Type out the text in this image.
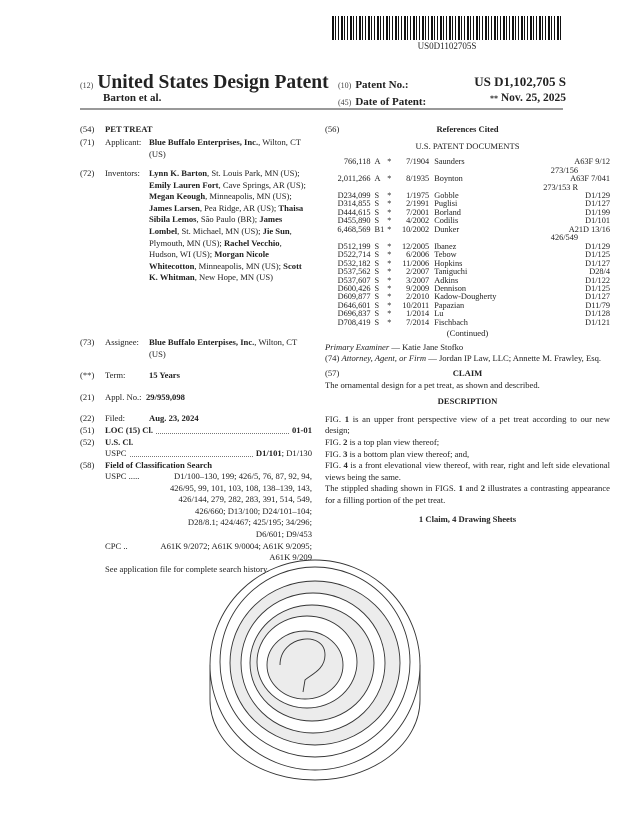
US0D1102705S
(12) United States Design Patent
Barton et al.
(10) Patent No.:	US D1,102,705 S
(45) Date of Patent:	** Nov. 25, 2025
(54)	PET TREAT
(71)	Applicant: Blue Buffalo Enterprises, Inc., Wilton, CT (US)
(72)	Inventors: Lynn K. Barton, St. Louis Park, MN (US); Emily Lauren Fort, Cave Springs, AR (US); Megan Keough, Minneapolis, MN (US); James Larsen, Pea Ridge, AR (US); Thaisa Sibila Lemos, São Paulo (BR); James Lombel, St. Michael, MN (US); Jie Sun, Plymouth, MN (US); Rachel Vecchio, Hudson, WI (US); Morgan Nicole Whitecotton, Minneapolis, MN (US); Scott K. Whitman, New Hope, MN (US)
(73)	Assignee: Blue Buffalo Enterpises, Inc., Wilton, CT (US)
(**)	Term:	15 Years
(21)	Appl. No.: 29/959,098
(22)	Filed:	Aug. 23, 2024
(51)	LOC (15) Cl.	01-01
(52)	U.S. Cl.
USPC	D1/101 ; D1/130
(58)	Field of Classification Search
USPC .....	D1/100–130, 199; 426/5, 76, 87, 92, 94,
426/95, 99, 101, 103, 108, 138–139, 143,
426/144, 279, 282, 283, 391, 514, 549,
426/660; D13/100; D24/101–104;
D28/8.1; 424/467; 425/195; 34/296;
D6/601; D9/453
CPC ..	A61K 9/2072; A61K 9/0004; A61K 9/2095;
A61K 9/209
See application file for complete search history.
(56)	References Cited
U.S. PATENT DOCUMENTS
766,118 A *	7/1904 Saunders	A63F 9/12
273/156
2,011,266 A *	8/1935 Boynton	A63F 7/041
273/153 R
D234,099 S *	1/1975 Gobble	D1/129
D314,855 S *	2/1991 Puglisi	D1/127
D444,615 S *	7/2001 Borland	D1/199
D455,890 S *	4/2002 Codilis	D1/101
6,468,569 B1 *	10/2002 Dunker	A21D 13/16
426/549
D512,199 S *	12/2005 Ibanez	D1/129
D522,714 S *	6/2006 Tebow	D1/125
D532,182 S *	11/2006 Hopkins	D1/127
D537,562 S *	2/2007 Taniguchi	D28/4
D537,607 S *	3/2007 Adkins	D1/122
D600,426 S *	9/2009 Dennison	D1/125
D609,877 S *	2/2010 Kadow-Dougherty	D1/127
D646,601 S *	10/2011 Papazian	D11/79
D696,837 S *	1/2014 Lu	D1/128
D708,419 S *	7/2014 Fischbach	D1/121
(Continued)
Primary Examiner — Katie Jane Stofko
(74) Attorney, Agent, or Firm — Jordan IP Law, LLC; Annette M. Frawley, Esq.
(57)	CLAIM
The ornamental design for a pet treat, as shown and described.
DESCRIPTION
FIG. 1 is an upper front perspective view of a pet treat according to our new design;
FIG. 2 is a top plan view thereof;
FIG. 3 is a bottom plan view thereof; and,
FIG. 4 is a front elevational view thereof, with rear, right and left side elevational views being the same.
The stippled shading shown in FIGS. 1 and 2 illustrates a contrasting appearance for a filling portion of the pet treat.
1 Claim, 4 Drawing Sheets
